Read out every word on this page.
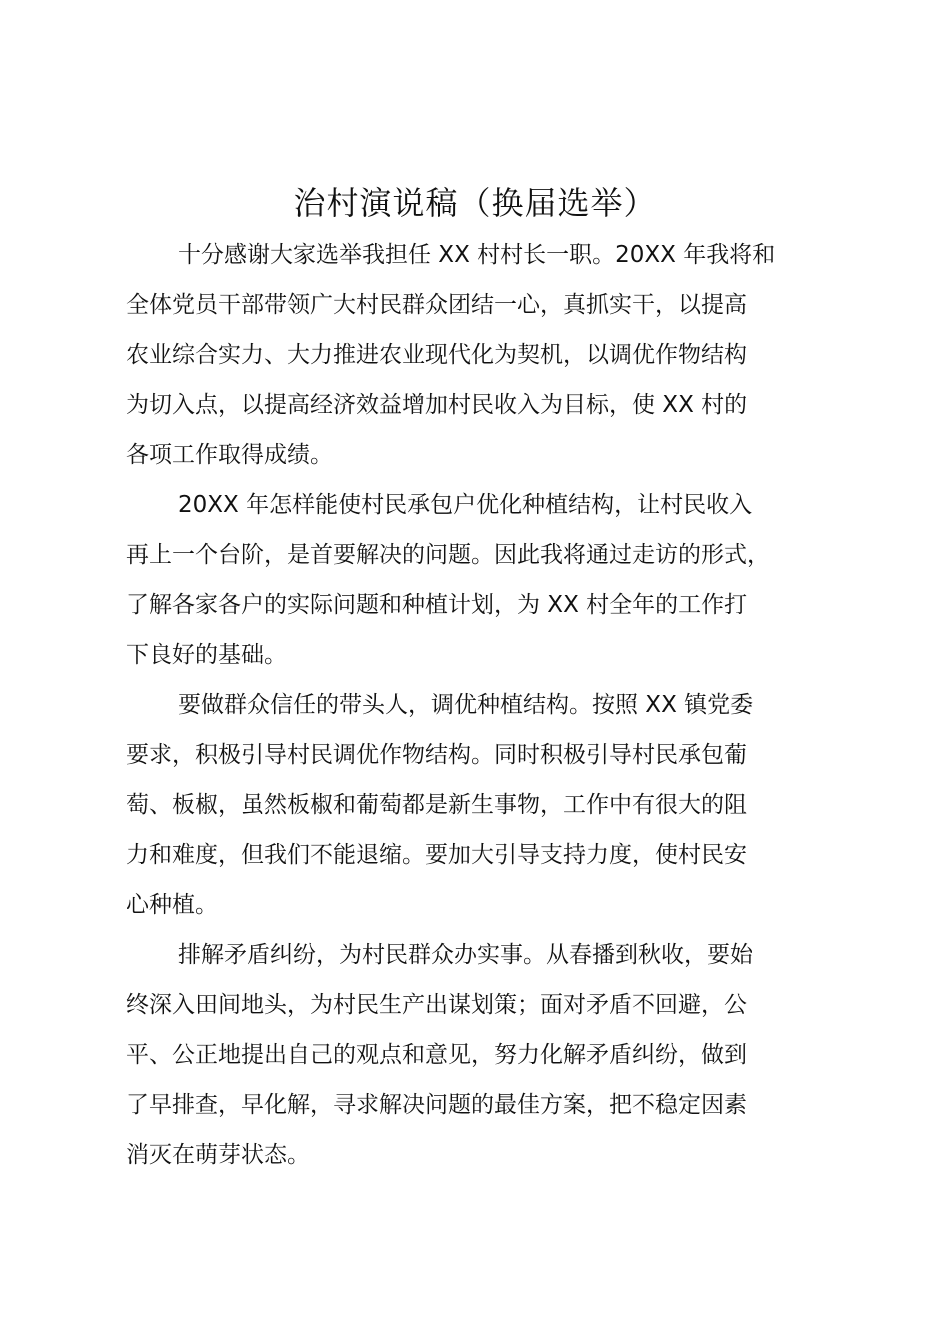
治村演说稿（换届选举）

十分感谢大家选举我担任 XX 村村长一职。20XX 年我将和
全体党员干部带领广大村民群众团结一心，真抓实干，以提高
农业综合实力、大力推进农业现代化为契机，以调优作物结构
为切入点，以提高经济效益增加村民收入为目标，使 XX 村的
各项工作取得成绩。

20XX 年怎样能使村民承包户优化种植结构，让村民收入
再上一个台阶，是首要解决的问题。因此我将通过走访的形式，
了解各家各户的实际问题和种植计划，为 XX 村全年的工作打
下良好的基础。

要做群众信任的带头人，调优种植结构。按照 XX 镇党委
要求，积极引导村民调优作物结构。同时积极引导村民承包葡
萄、板椒，虽然板椒和葡萄都是新生事物，工作中有很大的阻
力和难度，但我们不能退缩。要加大引导支持力度，使村民安
心种植。

排解矛盾纠纷，为村民群众办实事。从春播到秋收，要始
终深入田间地头，为村民生产出谋划策；面对矛盾不回避，公
平、公正地提出自己的观点和意见，努力化解矛盾纠纷，做到
了早排查，早化解，寻求解决问题的最佳方案，把不稳定因素
消灭在萌芽状态。
